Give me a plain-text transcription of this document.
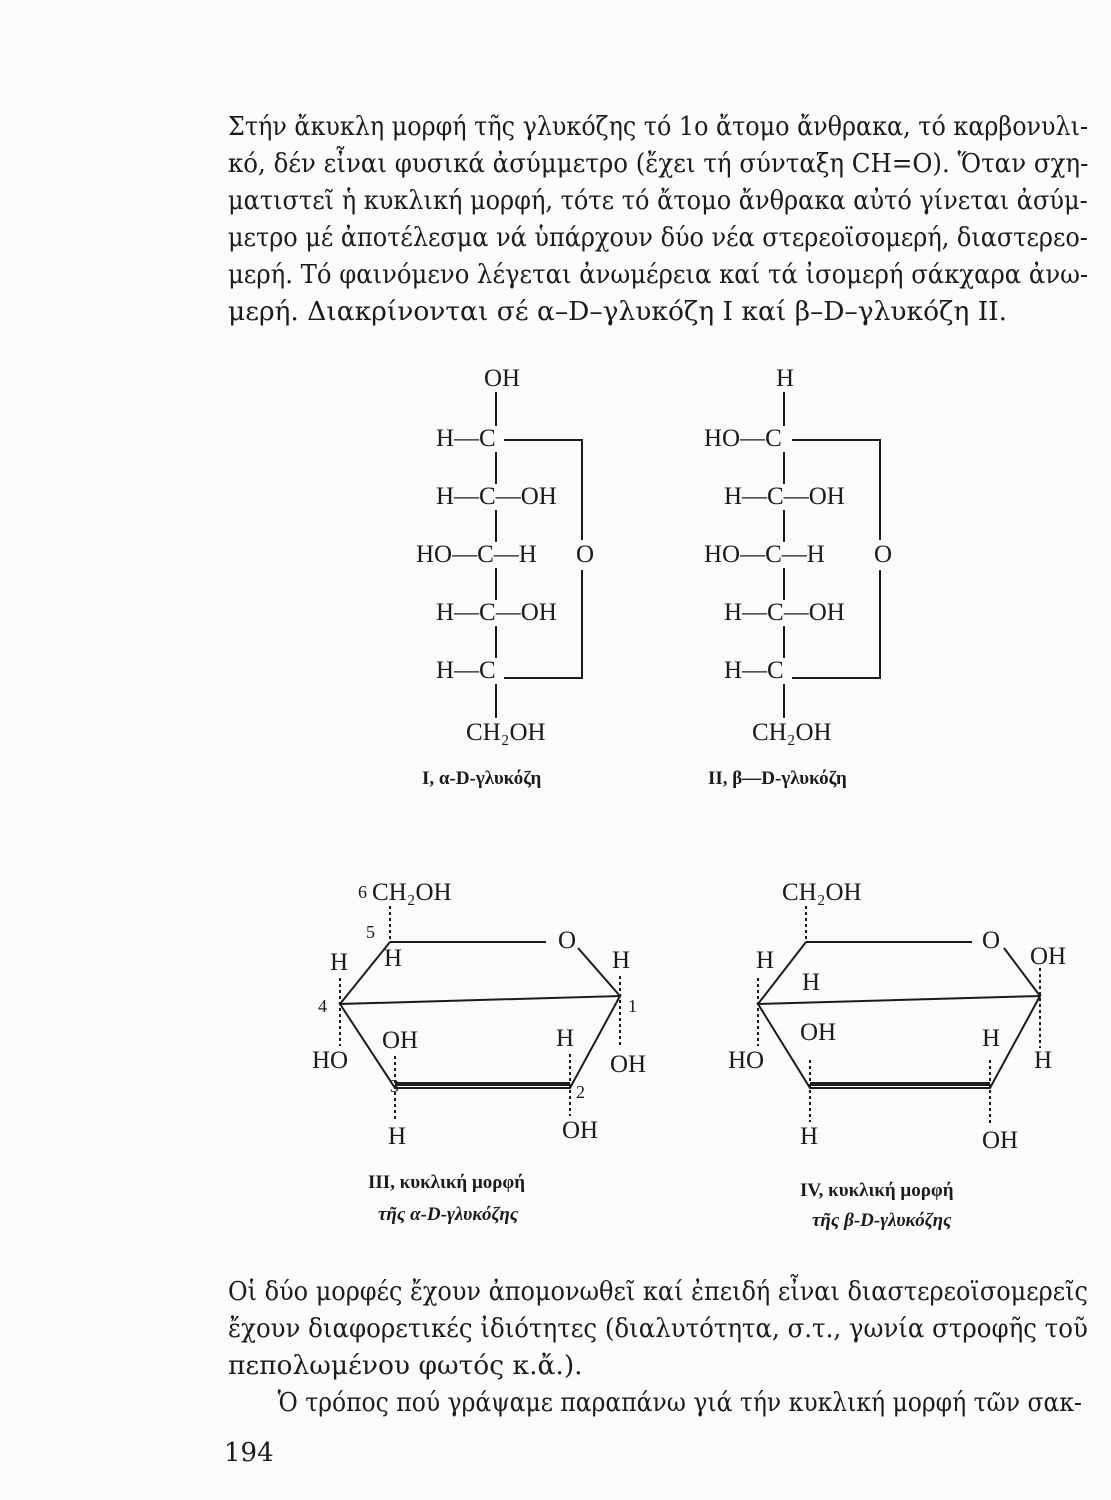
Στήν ἄκυκλη μορφή τῆς γλυκόζης τό 1ο ἄτομο ἄνθρακα, τό καρβονυλι-
κό, δέν εἶναι φυσικά ἀσύμμετρο (ἔχει τή σύνταξη CH=O). Ὅταν σχη-
ματιστεῖ ἡ κυκλική μορφή, τότε τό ἄτομο ἄνθρακα αὐτό γίνεται ἀσύμ-
μετρο μέ ἀποτέλεσμα νά ὑπάρχουν δύο νέα στερεοϊσομερή, διαστερεο-
μερή. Τό φαινόμενο λέγεται ἀνωμέρεια καί τά ἰσομερή σάκχαρα ἀνω-
μερή. Διακρίνονται σέ α–D–γλυκόζη I καί β–D–γλυκόζη II.
OH
H—C
H—C—OH
HO—C—H
H—C—OH
H—C
CH₂OH
O
I, α-D-γλυκόζη
H
HO—C
H—C—OH
HO—C—H
H—C—OH
H—C
CH₂OH
O
II, β—D-γλυκόζη
CH₂OH
6
5
4	1
3	2
O
H H	H
OH	H
HO	OH
H	OH
III, κυκλική μορφή
τῆς α-D-γλυκόζης
CH₂OH
O
H	OH
H
OH	H
HO	H
H	OH
IV, κυκλική μορφή
τῆς β-D-γλυκόζης
Οἱ δύο μορφές ἔχουν ἀπομονωθεῖ καί ἐπειδή εἶναι διαστερεοϊσομερεῖς
ἔχουν διαφορετικές ἰδιότητες (διαλυτότητα, σ.τ., γωνία στροφῆς τοῦ
πεπολωμένου φωτός κ.ἄ.).
Ὁ τρόπος πού γράψαμε παραπάνω γιά τήν κυκλική μορφή τῶν σακ-
194
